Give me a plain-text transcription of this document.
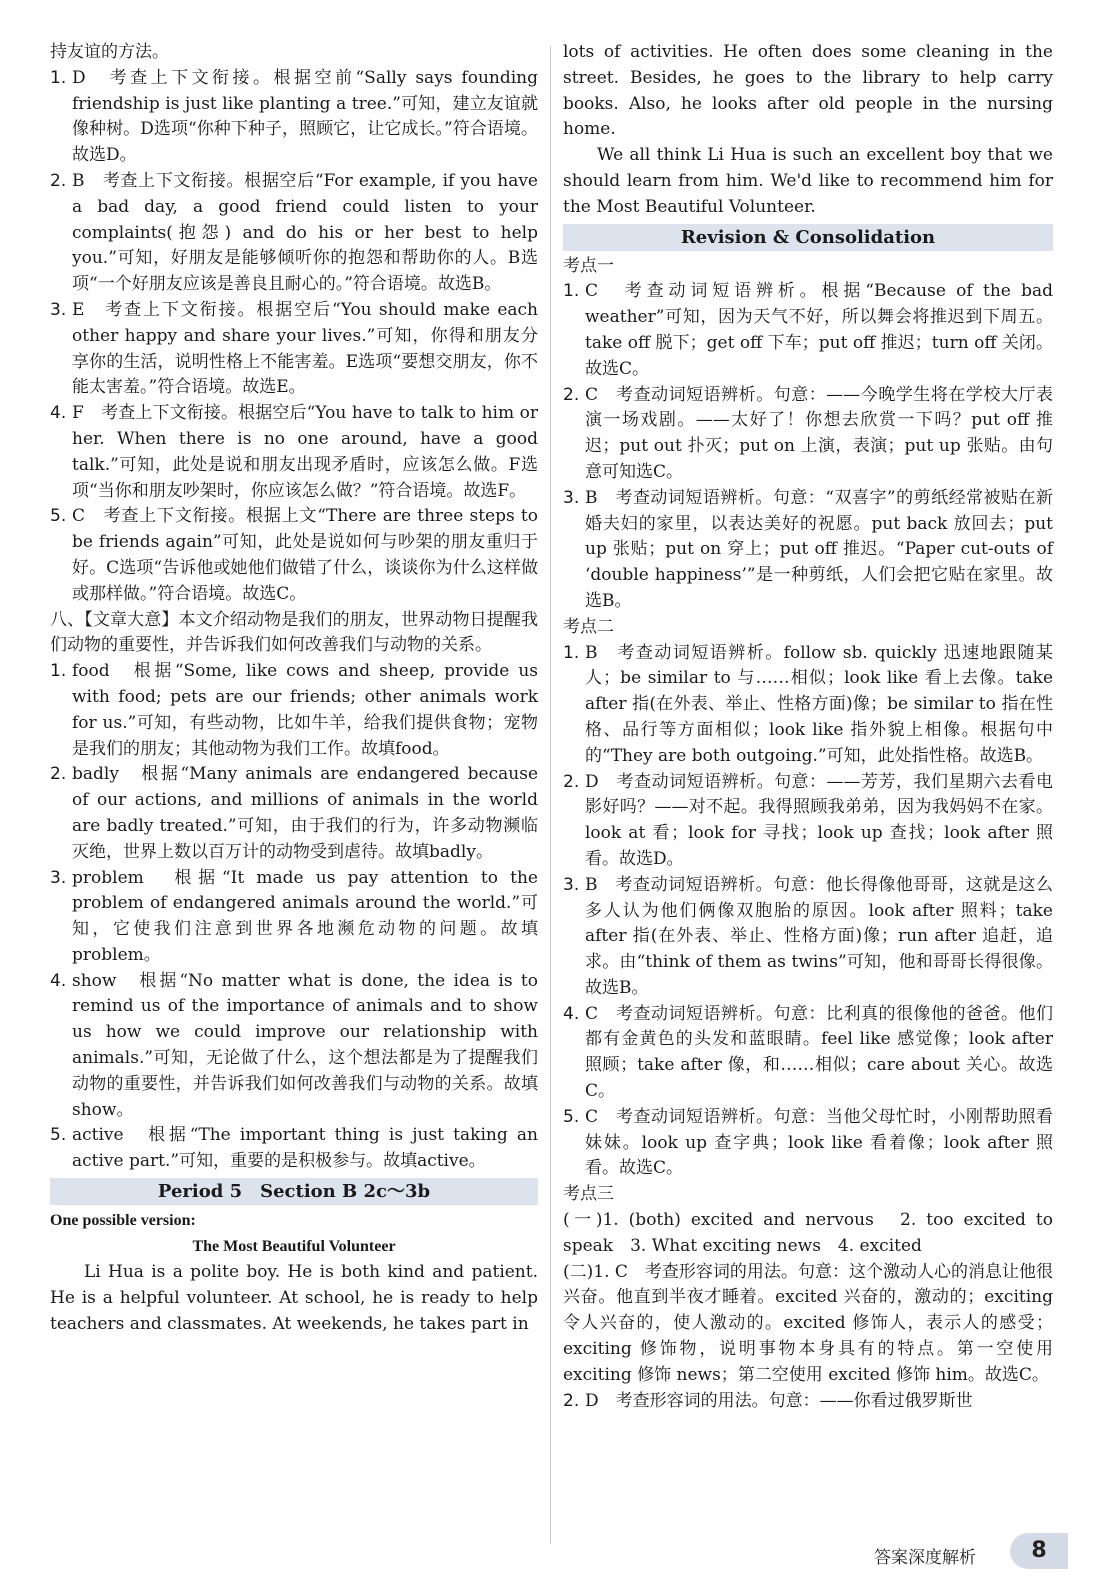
持友谊的方法。

1. D　考查上下文衔接。根据空前“Sally says founding friendship is just like planting a tree.”可知，建立友谊就像种树。D选项“你种下种子，照顾它，让它成长。”符合语境。故选D。
2. B　考查上下文衔接。根据空后“For example, if you have a bad day, a good friend could listen to your complaints(抱怨) and do his or her best to help you.”可知，好朋友是能够倾听你的抱怨和帮助你的人。B选项“一个好朋友应该是善良且耐心的。”符合语境。故选B。
3. E　考查上下文衔接。根据空后“You should make each other happy and share your lives.”可知，你得和朋友分享你的生活，说明性格上不能害羞。E选项“要想交朋友，你不能太害羞。”符合语境。故选E。
4. F　考查上下文衔接。根据空后“You have to talk to him or her. When there is no one around, have a good talk.”可知，此处是说和朋友出现矛盾时，应该怎么做。F选项“当你和朋友吵架时，你应该怎么做？”符合语境。故选F。
5. C　考查上下文衔接。根据上文“There are three steps to be friends again”可知，此处是说如何与吵架的朋友重归于好。C选项“告诉他或她他们做错了什么，谈谈你为什么这样做或那样做。”符合语境。故选C。

八、【文章大意】本文介绍动物是我们的朋友，世界动物日提醒我们动物的重要性，并告诉我们如何改善我们与动物的关系。

1. food　根据“Some, like cows and sheep, provide us with food; pets are our friends; other animals work for us.”可知，有些动物，比如牛羊，给我们提供食物；宠物是我们的朋友；其他动物为我们工作。故填food。
2. badly　根据“Many animals are endangered because of our actions, and millions of animals in the world are badly treated.”可知，由于我们的行为，许多动物濒临灭绝，世界上数以百万计的动物受到虐待。故填badly。
3. problem　根据“It made us pay attention to the problem of endangered animals around the world.”可知，它使我们注意到世界各地濒危动物的问题。故填problem。
4. show　根据“No matter what is done, the idea is to remind us of the importance of animals and to show us how we could improve our relationship with animals.”可知，无论做了什么，这个想法都是为了提醒我们动物的重要性，并告诉我们如何改善我们与动物的关系。故填show。
5. active　根据“The important thing is just taking an active part.”可知，重要的是积极参与。故填active。
Period 5　Section B 2c～3b

One possible version:

The Most Beautiful Volunteer

Li Hua is a polite boy. He is both kind and patient. He is a helpful volunteer. At school, he is ready to help teachers and classmates. At weekends, he takes part in

lots of activities. He often does some cleaning in the street. Besides, he goes to the library to help carry books. Also, he looks after old people in the nursing home.

We all think Li Hua is such an excellent boy that we should learn from him. We'd like to recommend him for the Most Beautiful Volunteer.

Revision & Consolidation

考点一

1. C　考查动词短语辨析。根据“Because of the bad weather”可知，因为天气不好，所以舞会将推迟到下周五。take off 脱下；get off 下车；put off 推迟；turn off 关闭。故选C。
2. C　考查动词短语辨析。句意：——今晚学生将在学校大厅表演一场戏剧。——太好了！你想去欣赏一下吗？put off 推迟；put out 扑灭；put on 上演，表演；put up 张贴。由句意可知选C。
3. B　考查动词短语辨析。句意：“双喜字”的剪纸经常被贴在新婚夫妇的家里，以表达美好的祝愿。put back 放回去；put up 张贴；put on 穿上；put off 推迟。“Paper cut-outs of ‘double happiness’”是一种剪纸，人们会把它贴在家里。故选B。

考点二

1. B　考查动词短语辨析。follow sb. quickly 迅速地跟随某人；be similar to 与……相似；look like 看上去像。take after 指(在外表、举止、性格方面)像；be similar to 指在性格、品行等方面相似；look like 指外貌上相像。根据句中的“They are both outgoing.”可知，此处指性格。故选B。
2. D　考查动词短语辨析。句意：——芳芳，我们星期六去看电影好吗？——对不起。我得照顾我弟弟，因为我妈妈不在家。look at 看；look for 寻找；look up 查找；look after 照看。故选D。
3. B　考查动词短语辨析。句意：他长得像他哥哥，这就是这么多人认为他们俩像双胞胎的原因。look after 照料；take after 指(在外表、举止、性格方面)像；run after 追赶，追求。由“think of them as twins”可知，他和哥哥长得很像。故选B。
4. C　考查动词短语辨析。句意：比利真的很像他的爸爸。他们都有金黄色的头发和蓝眼睛。feel like 感觉像；look after 照顾；take after 像，和……相似；care about 关心。故选C。
5. C　考查动词短语辨析。句意：当他父母忙时，小刚帮助照看妹妹。look up 查字典；look like 看着像；look after 照看。故选C。

考点三

(一)1. (both) excited and nervous　2. too excited to speak　3. What exciting news　4. excited

(二)1. C　考查形容词的用法。句意：这个激动人心的消息让他很兴奋。他直到半夜才睡着。excited 兴奋的，激动的；exciting 令人兴奋的，使人激动的。excited 修饰人，表示人的感受；exciting 修饰物，说明事物本身具有的特点。第一空使用 exciting 修饰 news；第二空使用 excited 修饰 him。故选C。

2. D　考查形容词的用法。句意：——你看过俄罗斯世
答案深度解析	8
